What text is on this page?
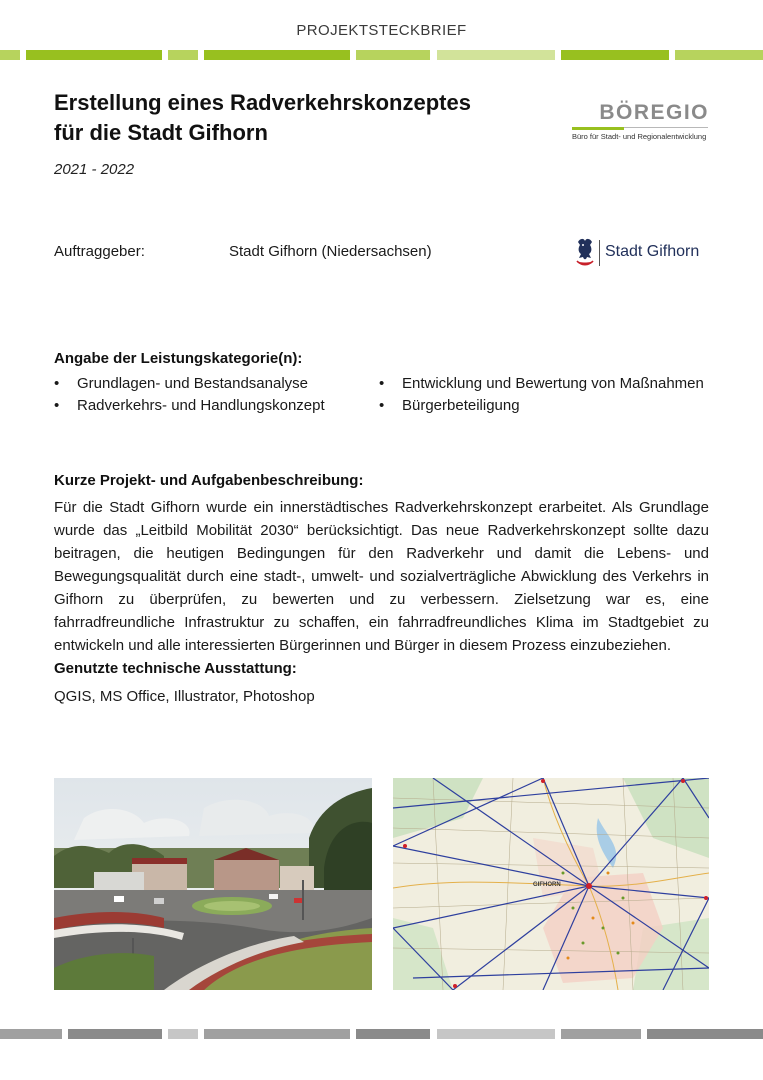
PROJEKTSTECKBRIEF
Erstellung eines Radverkehrskonzeptes
für die Stadt Gifhorn
2021 - 2022
BÖREGIO
Büro für Stadt- und Regionalentwicklung
Auftraggeber:	Stadt Gifhorn (Niedersachsen)	Stadt Gifhorn
Angabe der Leistungskategorie(n):
• Grundlagen- und Bestandsanalyse
• Radverkehrs- und Handlungskonzept
• Entwicklung und Bewertung von Maßnahmen
• Bürgerbeteiligung
Kurze Projekt- und Aufgabenbeschreibung:
Für die Stadt Gifhorn wurde ein innerstädtisches Radverkehrskonzept erarbeitet. Als Grundlage wurde das „Leitbild Mobilität 2030“ berücksichtigt. Das neue Radverkehrskonzept sollte dazu beitragen, die heutigen Bedingungen für den Radverkehr und damit die Lebens- und Bewegungsqualität durch eine stadt-, umwelt- und sozialverträgliche Abwicklung des Verkehrs in Gifhorn zu überprüfen, zu bewerten und zu verbessern. Zielsetzung war es, eine fahrradfreundliche Infrastruktur zu schaffen, ein fahrradfreundliches Klima im Stadtgebiet zu entwickeln und alle interessierten Bürgerinnen und Bürger in diesem Prozess einzubeziehen.
Genutzte technische Ausstattung:
QGIS, MS Office, Illustrator, Photoshop
GIFHORN
